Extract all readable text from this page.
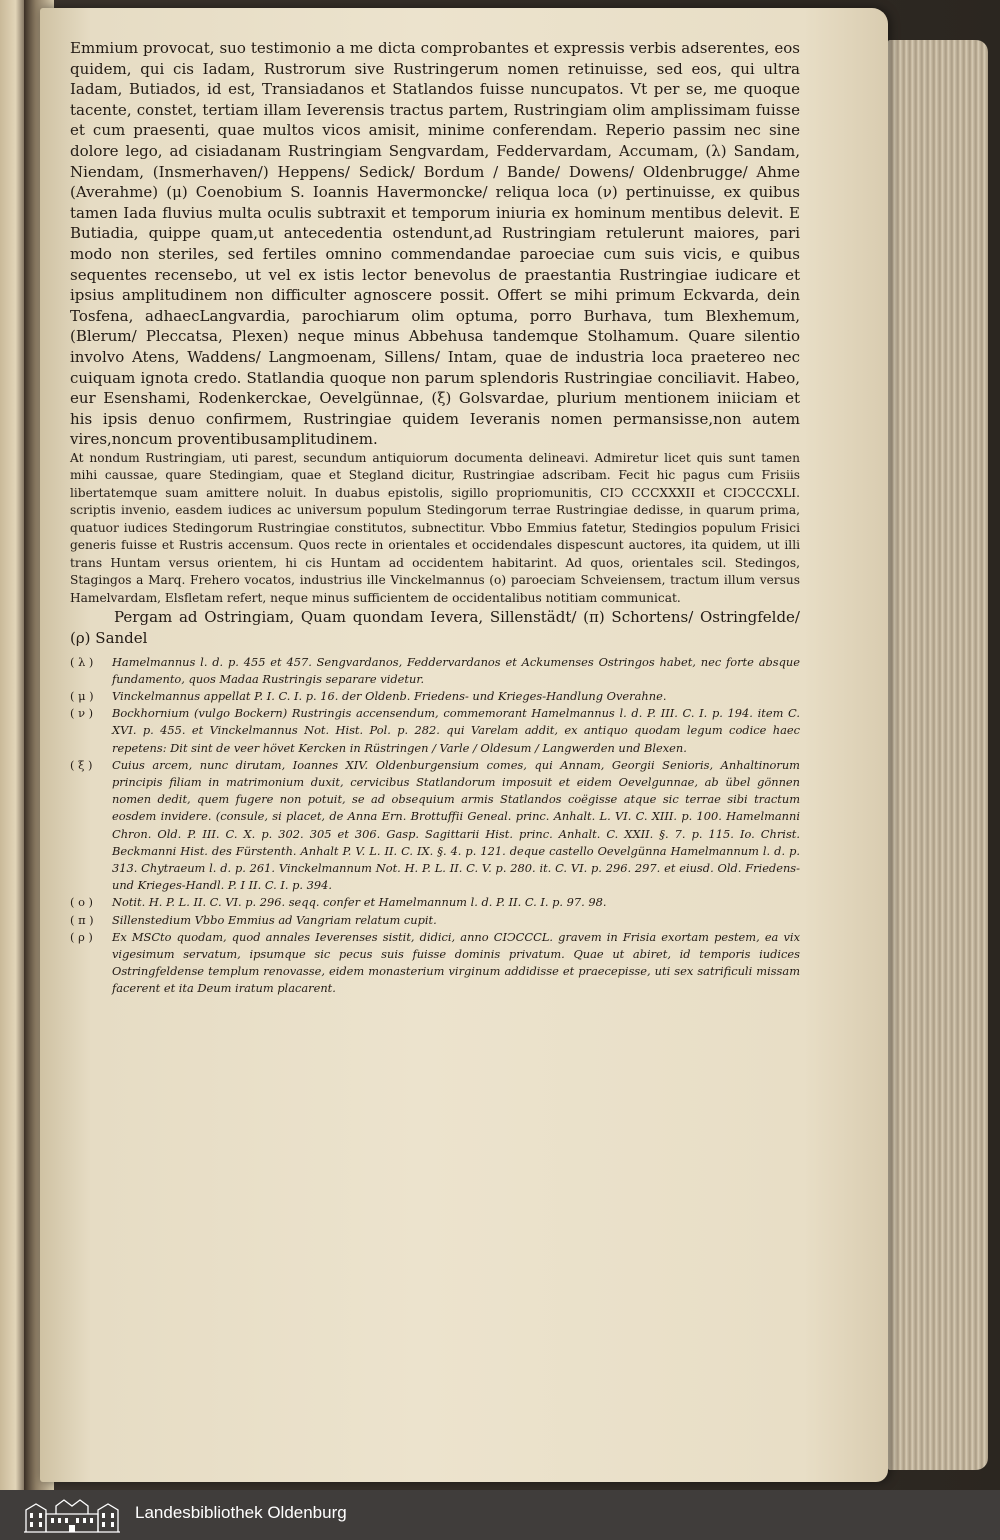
Emmium provocat, suo testimonio a me dicta comprobantes et expressis verbis adserentes, eos quidem, qui cis Iadam, Rustrorum sive Rustringerum nomen retinuisse, sed eos, qui ultra Iadam, Butiados, id est, Transiadanos et Statlandos fuisse nuncupatos. Vt per se, me quoque tacente, constet, tertiam illam Ieverensis tractus partem, Rustringiam olim amplissimam fuisse et cum praesenti, quae multos vicos amisit, minime conferendam. Reperio passim nec sine dolore lego, ad cisiadanam Rustringiam Sengvardam, Feddervardam, Accumam, (λ) Sandam, Niendam, (Insmerhaven/) Heppens/ Sedick/ Bordum / Bande/ Dowens/ Oldenbrugge/ Ahme (Averahme) (μ) Coenobium S. Ioannis Havermoncke/ reliqua loca (ν) pertinuisse, ex quibus tamen Iada fluvius multa oculis subtraxit et temporum iniuria ex hominum mentibus delevit. E Butiadia, quippe quam,ut antecedentia ostendunt,ad Rustringiam retulerunt maiores, pari modo non steriles, sed fertiles omnino commendandae paroeciae cum suis vicis, e quibus sequentes recensebo, ut vel ex istis lector benevolus de praestantia Rustringiae iudicare et ipsius amplitudinem non difficulter agnoscere possit. Offert se mihi primum Eckvarda, dein Tosfena, adhaecLangvardia, parochiarum olim optuma, porro Burhava, tum Blexhemum, (Blerum/ Pleccatsa, Plexen) neque minus Abbehusa tandemque Stolhamum. Quare silentio involvo Atens, Waddens/ Langmoenam, Sillens/ Intam, quae de industria loca praetereo nec cuiquam ignota credo. Statlandia quoque non parum splendoris Rustringiae conciliavit. Habeo, eur Esenshami, Rodenkerckae, Oevelgünnae, (ξ) Golsvardae, plurium mentionem iniiciam et his ipsis denuo confirmem, Rustringiae quidem Ieveranis nomen permansisse,non autem vires,noncum proventibusamplitudinem.

At nondum Rustringiam, uti parest, secundum antiquiorum documenta delineavi. Admiretur licet quis sunt tamen mihi caussae, quare Stedingiam, quae et Stegland dicitur, Rustringiae adscribam. Fecit hic pagus cum Frisiis libertatemque suam amittere noluit. In duabus epistolis, sigillo propriomunitis, CIↃ CCCXXXII et CIↃCCCXLI. scriptis invenio, easdem iudices ac universum populum Stedingorum terrae Rustringiae dedisse, in quarum prima, quatuor iudices Stedingorum Rustringiae constitutos, subnectitur. Vbbo Emmius fatetur, Stedingios populum Frisici generis fuisse et Rustris accensum. Quos recte in orientales et occidendales dispescunt auctores, ita quidem, ut illi trans Huntam versus orientem, hi cis Huntam ad occidentem habitarint. Ad quos, orientales scil. Stedingos, Stagingos a Marq. Frehero vocatos, industrius ille Vinckelmannus (ο) paroeciam Schveiensem, tractum illum versus Hamelvardam, Elsfletam refert, neque minus sufficientem de occidentalibus notitiam communicat.

Pergam ad Ostringiam, Quam quondam Ievera, Sillenstädt/ (π) Schortens/ Ostringfelde/ (ρ) Sandel

( λ )	Hamelmannus l. d. p. 455 et 457. Sengvardanos, Feddervardanos et Ackumenses Ostringos habet, nec forte absque fundamento, quos Madaa Rustringis separare videtur.
( μ )	Vinckelmannus appellat P. I. C. I. p. 16. der Oldenb. Friedens- und Krieges-Handlung Overahne.
( ν )	Bockhornium (vulgo Bockern) Rustringis accensendum, commemorant Hamelmannus l. d. P. III. C. I. p. 194. item C. XVI. p. 455. et Vinckelmannus Not. Hist. Pol. p. 282. qui Varelam addit, ex antiquo quodam legum codice haec repetens: Dit sint de veer hövet Kercken in Rüstringen / Varle / Oldesum / Langwerden und Blexen.
( ξ )	Cuius arcem, nunc dirutam, Ioannes XIV. Oldenburgensium comes, qui Annam, Georgii Senioris, Anhaltinorum principis filiam in matrimonium duxit, cervicibus Statlandorum imposuit et eidem Oevelgunnae, ab übel gönnen nomen dedit, quem fugere non potuit, se ad obsequium armis Statlandos coëgisse atque sic terrae sibi tractum eosdem invidere. (consule, si placet, de Anna Ern. Brottuffii Geneal. princ. Anhalt. L. VI. C. XIII. p. 100. Hamelmanni Chron. Old. P. III. C. X. p. 302. 305 et 306. Gasp. Sagittarii Hist. princ. Anhalt. C. XXII. §. 7. p. 115. Io. Christ. Beckmanni Hist. des Fürstenth. Anhalt P. V. L. II. C. IX. §. 4. p. 121. deque castello Oevelgünna Hamelmannum l. d. p. 313. Chytraeum l. d. p. 261. Vinckelmannum Not. H. P. L. II. C. V. p. 280. it. C. VI. p. 296. 297. et eiusd. Old. Friedens- und Krieges-Handl. P. I II. C. I. p. 394.
( ο )	Notit. H. P. L. II. C. VI. p. 296. seqq. confer et Hamelmannum l. d. P. II. C. I. p. 97. 98.
( π )	Sillenstedium Vbbo Emmius ad Vangriam relatum cupit.
( ρ )	Ex MSCto quodam, quod annales Ieverenses sistit, didici, anno CIↃCCCL. gravem in Frisia exortam pestem, ea vix vigesimum servatum, ipsumque sic pecus suis fuisse dominis privatum. Quae ut abiret, id temporis iudices Ostringfeldense templum renovasse, eidem monasterium virginum addidisse et praecepisse, uti sex satrificuli missam facerent et ita Deum iratum placarent.
Landesbibliothek Oldenburg
